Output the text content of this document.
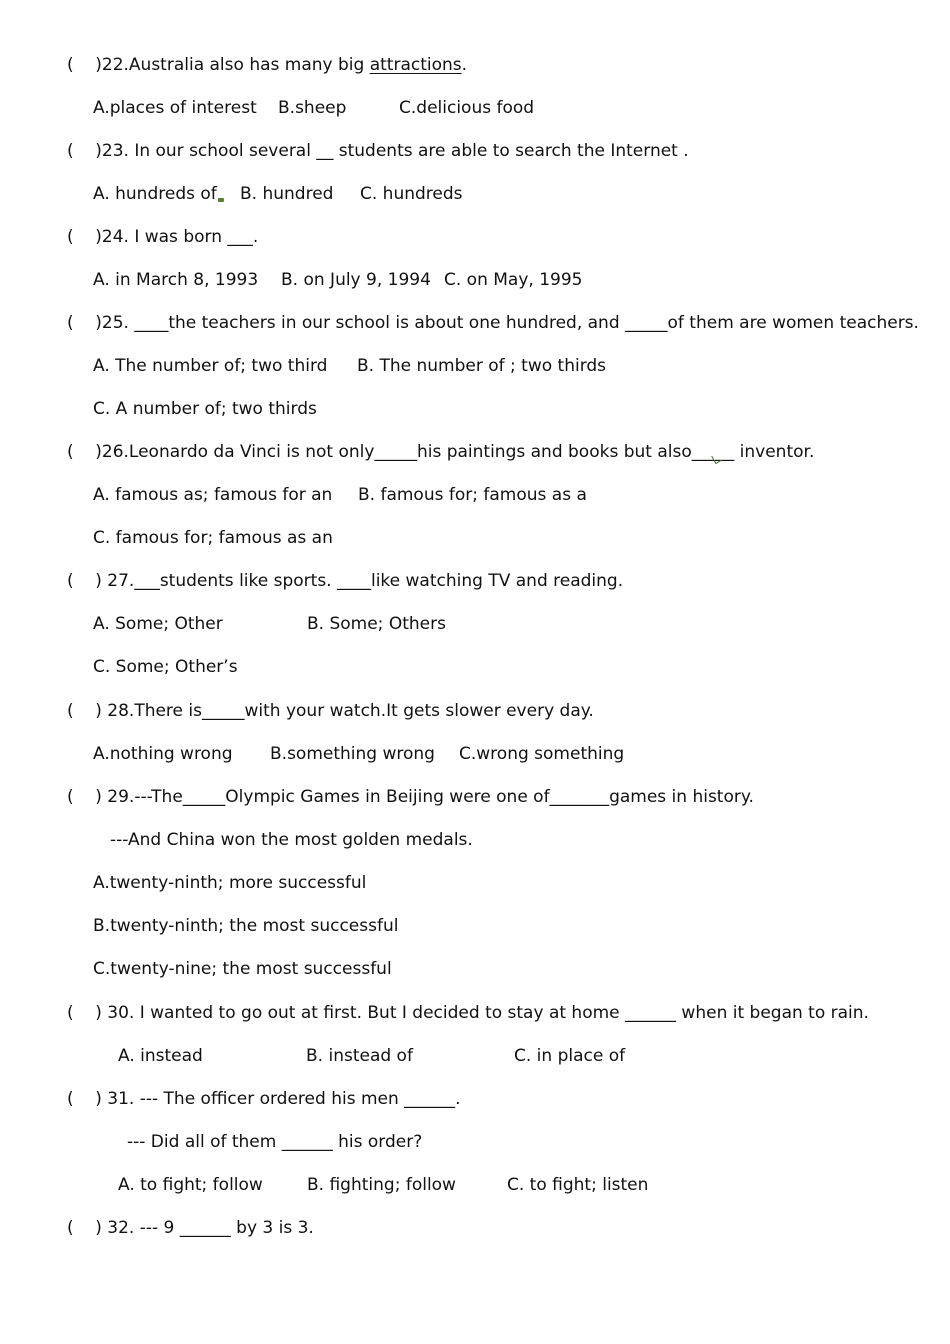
(    )22.Australia also has many big attractions.
A.places of interest B.sheep	C.delicious food
(    )23. In our school several __ students are able to search the Internet .
A. hundreds of B. hundred C. hundreds
(    )24. I was born ___.
A. in March 8, 1993 B. on July 9, 1994 C. on May, 1995
(    )25. ____the teachers in our school is about one hundred, and _____of them are women teachers.
A. The number of; two third B. The number of ; two thirds
C. A number of; two thirds
(    )26.Leonardo da Vinci is not only_____his paintings and books but also_____ inventor.
A. famous as; famous for an B. famous for; famous as a
C. famous for; famous as an
(    ) 27.___students like sports. ____like watching TV and reading.
A. Some; Other	B. Some; Others
C. Some; Other’s
(    ) 28.There is_____with your watch.It gets slower every day.
A.nothing wrong B.something wrong C.wrong something
(    ) 29.---The_____Olympic Games in Beijing were one of_______games in history.
---And China won the most golden medals.
A.twenty-ninth; more successful
B.twenty-ninth; the most successful
C.twenty-nine; the most successful
(    ) 30. I wanted to go out at first. But I decided to stay at home ______ when it began to rain.
A. instead	B. instead of	C. in place of
(    ) 31. --- The officer ordered his men ______.
--- Did all of them ______ his order?
A. to fight; follow	B. fighting; follow	C. to fight; listen
(    ) 32. --- 9 ______ by 3 is 3.
